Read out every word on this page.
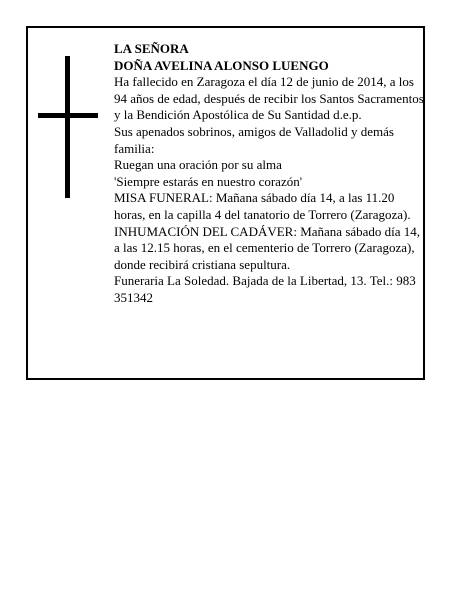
LA SEÑORA

DOÑA AVELINA ALONSO LUENGO

Ha fallecido en Zaragoza el día 12 de junio de 2014, a los 94 años de edad, después de recibir los Santos Sacramentos y la Bendición Apostólica de Su Santidad d.e.p.

Sus apenados sobrinos, amigos de Valladolid y demás familia:

Ruegan una oración por su alma

'Siempre estarás en nuestro corazón'

MISA FUNERAL: Mañana sábado día 14, a las 11.20 horas, en la capilla 4 del tanatorio de Torrero (Zaragoza). INHUMACIÓN DEL CADÁVER: Mañana sábado día 14, a las 12.15 horas, en el cementerio de Torrero (Zaragoza), donde recibirá cristiana sepultura.

Funeraria La Soledad. Bajada de la Libertad, 13. Tel.: 983 351342
